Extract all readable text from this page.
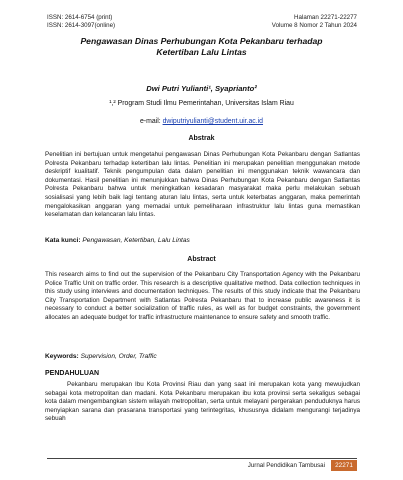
ISSN: 2614-6754 (print)
ISSN: 2614-3097(online)
Halaman 22271-22277
Volume 8 Nomor 2 Tahun 2024
Pengawasan Dinas Perhubungan Kota Pekanbaru terhadap
Ketertiban Lalu Lintas
Dwi Putri Yulianti¹, Syaprianto²
¹,² Program Studi Ilmu Pemerintahan, Universitas Islam Riau
e-mail: dwiputriyulianti@student.uir.ac.id
Abstrak
Penelitian ini bertujuan untuk mengetahui pengawasan Dinas Perhubungan Kota Pekanbaru dengan Satlantas Polresta Pekanbaru terhadap ketertiban lalu lintas. Penelitian ini merupakan penelitian menggunakan metode deskriptif kualitatif. Teknik pengumpulan data dalam penelitian ini menggunakan teknik wawancara dan dokumentasi. Hasil penelitian ini menunjukkan bahwa Dinas Perhubungan Kota Pekanbaru dengan Satlantas Polresta Pekanbaru bahwa untuk meningkatkan kesadaran masyarakat maka perlu melakukan sebuah sosialisasi yang lebih baik lagi tentang aturan lalu lintas, serta untuk keterbatas anggaran, maka pemerintah mengalokasikan anggaran yang memadai untuk pemeliharaan infrastruktur lalu lintas guna memastikan keselamatan dan kelancaran lalu lintas.
Kata kunci: Pengawasan, Ketertiban, Lalu Lintas
Abstract
This research aims to find out the supervision of the Pekanbaru City Transportation Agency with the Pekanbaru Police Traffic Unit on traffic order. This research is a descriptive qualitative method. Data collection techniques in this study using interviews and documentation techniques. The results of this study indicate that the Pekanbaru City Transportation Department with Satlantas Polresta Pekanbaru that to increase public awareness it is necessary to conduct a better socialization of traffic rules, as well as for budget constraints, the government allocates an adequate budget for traffic infrastructure maintenance to ensure safety and smooth traffic.
Keywords: Supervision, Order, Traffic
PENDAHULUAN
Pekanbaru merupakan Ibu Kota Provinsi Riau dan yang saat ini merupakan kota yang mewujudkan sebagai kota metropolitan dan madani. Kota Pekanbaru merupakan ibu kota provinsi serta sekaligus sebagai kota dalam mengembangkan sistem wilayah metropolitan, serta untuk melayani pergerakan penduduknya harus menyiapkan sarana dan prasarana transportasi yang terintegritas, khususnya didalam mengurangi terjadinya sebuah
Jurnal Pendidikan Tambusai	22271
